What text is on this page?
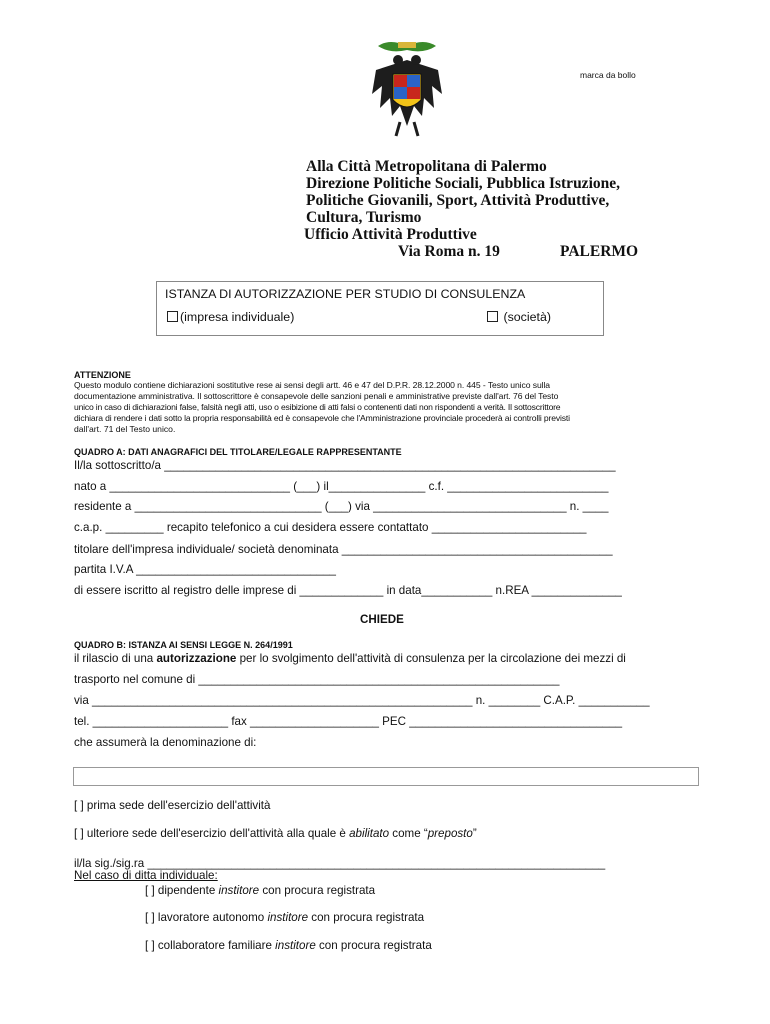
marca da bollo
Alla Città Metropolitana di Palermo
Direzione Politiche Sociali, Pubblica Istruzione,
Politiche Giovanili, Sport, Attività Produttive,
Cultura, Turismo
Ufficio Attività Produttive
Via Roma n. 19	PALERMO
ISTANZA DI AUTORIZZAZIONE PER STUDIO DI CONSULENZA
(impresa individuale)	(società)
ATTENZIONE
Questo modulo contiene dichiarazioni sostitutive rese ai sensi degli artt. 46 e 47 del D.P.R. 28.12.2000 n. 445 - Testo unico sulla
documentazione amministrativa. Il sottoscrittore è consapevole delle sanzioni penali e amministrative previste dall'art. 76 del Testo
unico in caso di dichiarazioni false, falsità negli atti, uso o esibizione di atti falsi o contenenti dati non rispondenti a verità. Il sottoscrittore
dichiara di rendere i dati sotto la propria responsabilità ed è consapevole che l'Amministrazione provinciale procederà ai controlli previsti
dall'art. 71 del Testo unico.
QUADRO A: DATI ANAGRAFICI DEL TITOLARE/LEGALE RAPPRESENTANTE
Il/la sottoscritto/a ______________________________________________________________________
nato a ____________________________ (___) il_______________ c.f. _________________________
residente a _____________________________ (___) via ______________________________ n. ____
c.a.p. _________ recapito telefonico a cui desidera essere contattato ________________________
titolare dell'impresa individuale/ società denominata __________________________________________
partita I.V.A _______________________________
di essere iscritto al registro delle imprese di _____________ in data___________ n.REA ______________
CHIEDE
QUADRO B: ISTANZA AI SENSI LEGGE N. 264/1991
il rilascio di una autorizzazione per lo svolgimento dell'attività di consulenza per la circolazione dei mezzi di
trasporto nel comune di ________________________________________________________
via ___________________________________________________________ n. ________ C.A.P. ___________
tel. _____________________ fax ____________________ PEC _________________________________
che assumerà la denominazione di:
[ ] prima sede dell'esercizio dell'attività
[ ] ulteriore sede dell'esercizio dell'attività alla quale è abilitato come “preposto”
il/la sig./sig.ra _______________________________________________________________________
Nel caso di ditta individuale:
[ ] dipendente institore con procura registrata
[ ] lavoratore autonomo institore con procura registrata
[ ] collaboratore familiare institore con procura registrata
